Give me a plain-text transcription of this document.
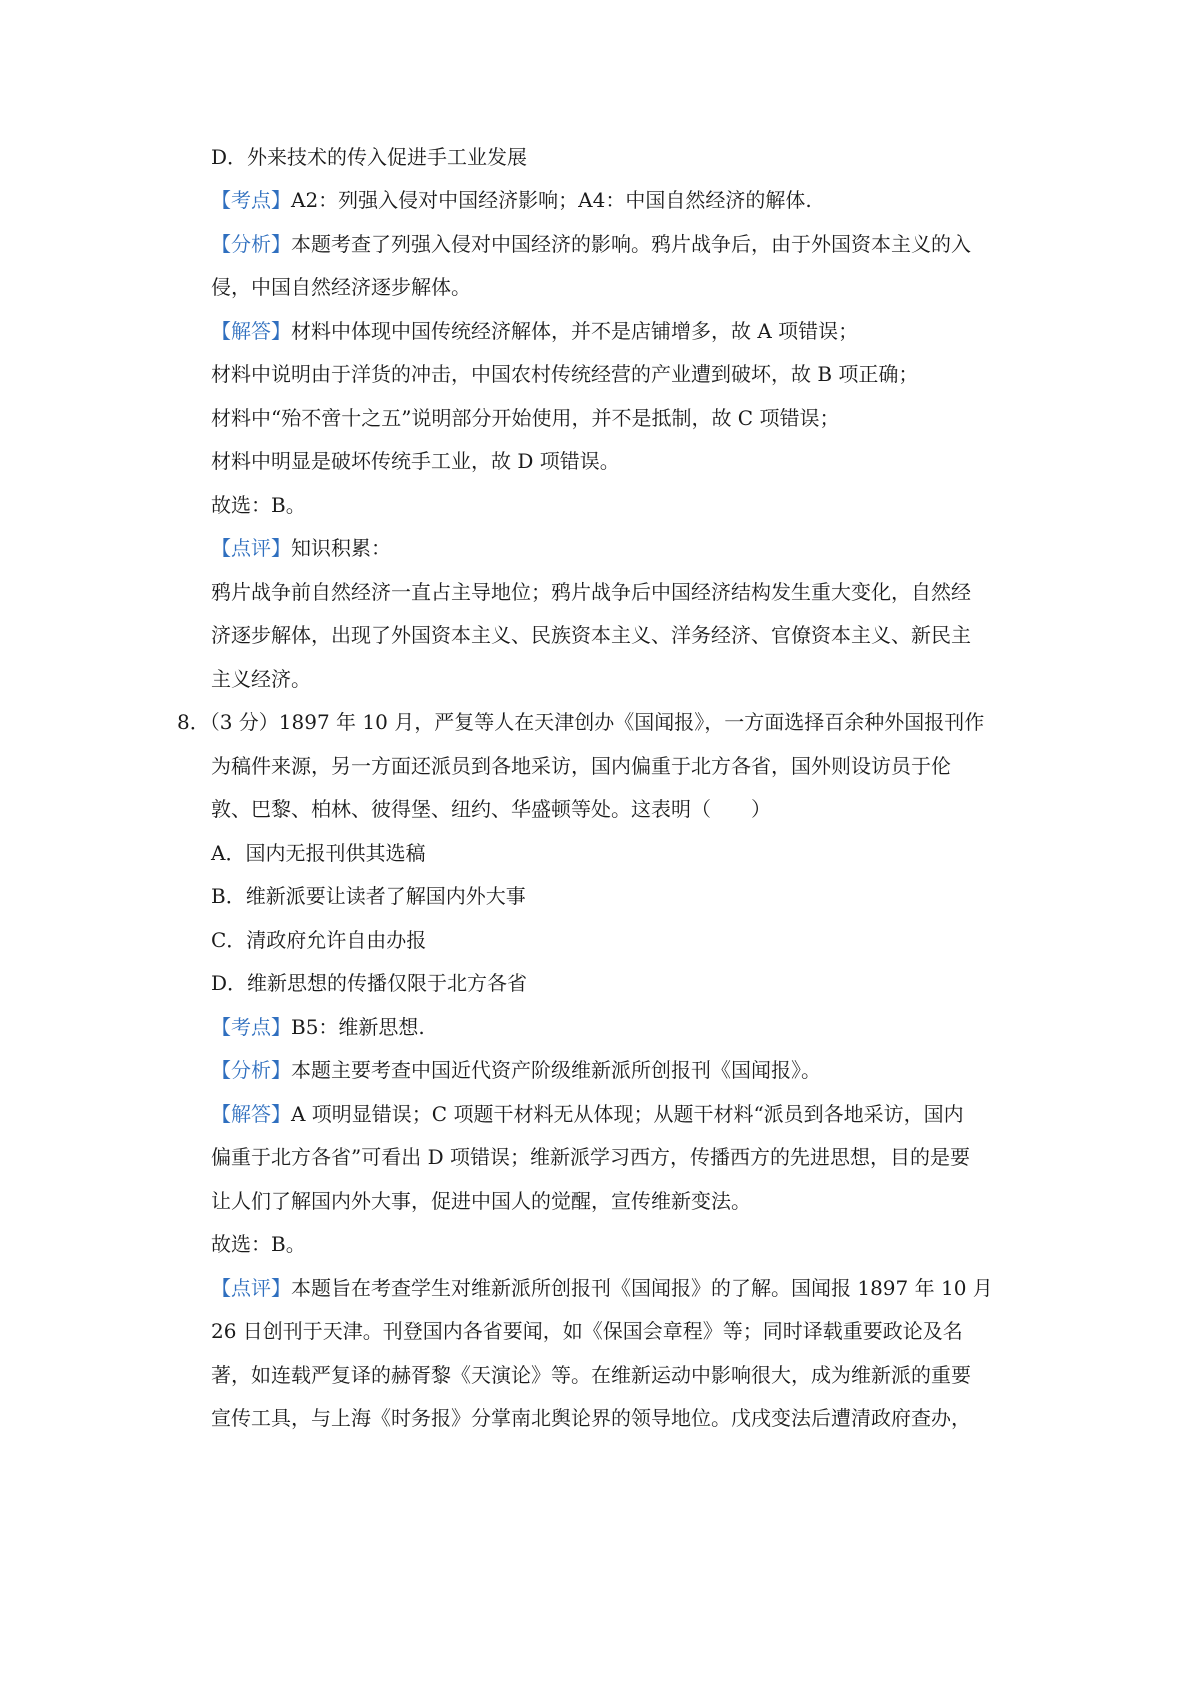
D．外来技术的传入促进手工业发展
【考点】A2：列强入侵对中国经济影响；A4：中国自然经济的解体.
【分析】本题考查了列强入侵对中国经济的影响。鸦片战争后，由于外国资本主义的入
侵，中国自然经济逐步解体。
【解答】材料中体现中国传统经济解体，并不是店铺增多，故 A 项错误；
材料中说明由于洋货的冲击，中国农村传统经营的产业遭到破坏，故 B 项正确；
材料中“殆不啻十之五”说明部分开始使用，并不是抵制，故 C 项错误；
材料中明显是破坏传统手工业，故 D 项错误。
故选：B。
【点评】知识积累：
鸦片战争前自然经济一直占主导地位；鸦片战争后中国经济结构发生重大变化，自然经
济逐步解体，出现了外国资本主义、民族资本主义、洋务经济、官僚资本主义、新民主
主义经济。
8．（3 分）1897 年 10 月，严复等人在天津创办《国闻报》，一方面选择百余种外国报刊作
为稿件来源，另一方面还派员到各地采访，国内偏重于北方各省，国外则设访员于伦
敦、巴黎、柏林、彼得堡、纽约、华盛顿等处。这表明（　　）
A．国内无报刊供其选稿
B．维新派要让读者了解国内外大事
C．清政府允许自由办报
D．维新思想的传播仅限于北方各省
【考点】B5：维新思想.
【分析】本题主要考查中国近代资产阶级维新派所创报刊《国闻报》。
【解答】A 项明显错误；C 项题干材料无从体现；从题干材料“派员到各地采访，国内
偏重于北方各省”可看出 D 项错误；维新派学习西方，传播西方的先进思想，目的是要
让人们了解国内外大事，促进中国人的觉醒，宣传维新变法。
故选：B。
【点评】本题旨在考查学生对维新派所创报刊《国闻报》的了解。国闻报 1897 年 10 月
26 日创刊于天津。刊登国内各省要闻，如《保国会章程》等；同时译载重要政论及名
著，如连载严复译的赫胥黎《天演论》等。在维新运动中影响很大，成为维新派的重要
宣传工具，与上海《时务报》分掌南北舆论界的领导地位。戊戌变法后遭清政府查办，
